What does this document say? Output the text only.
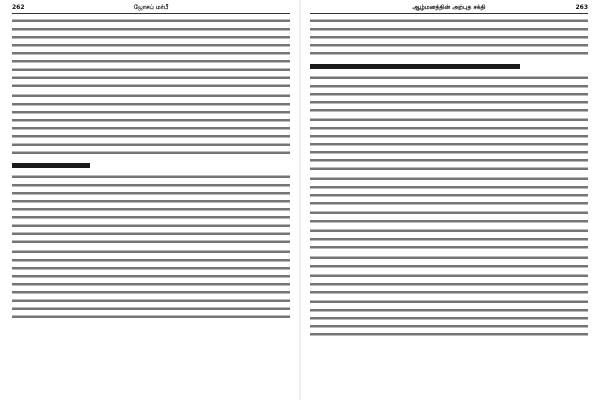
262	ஜோசப் மர்பீ	ஆழ்மனத்தின் அற்புத சக்தி	263
